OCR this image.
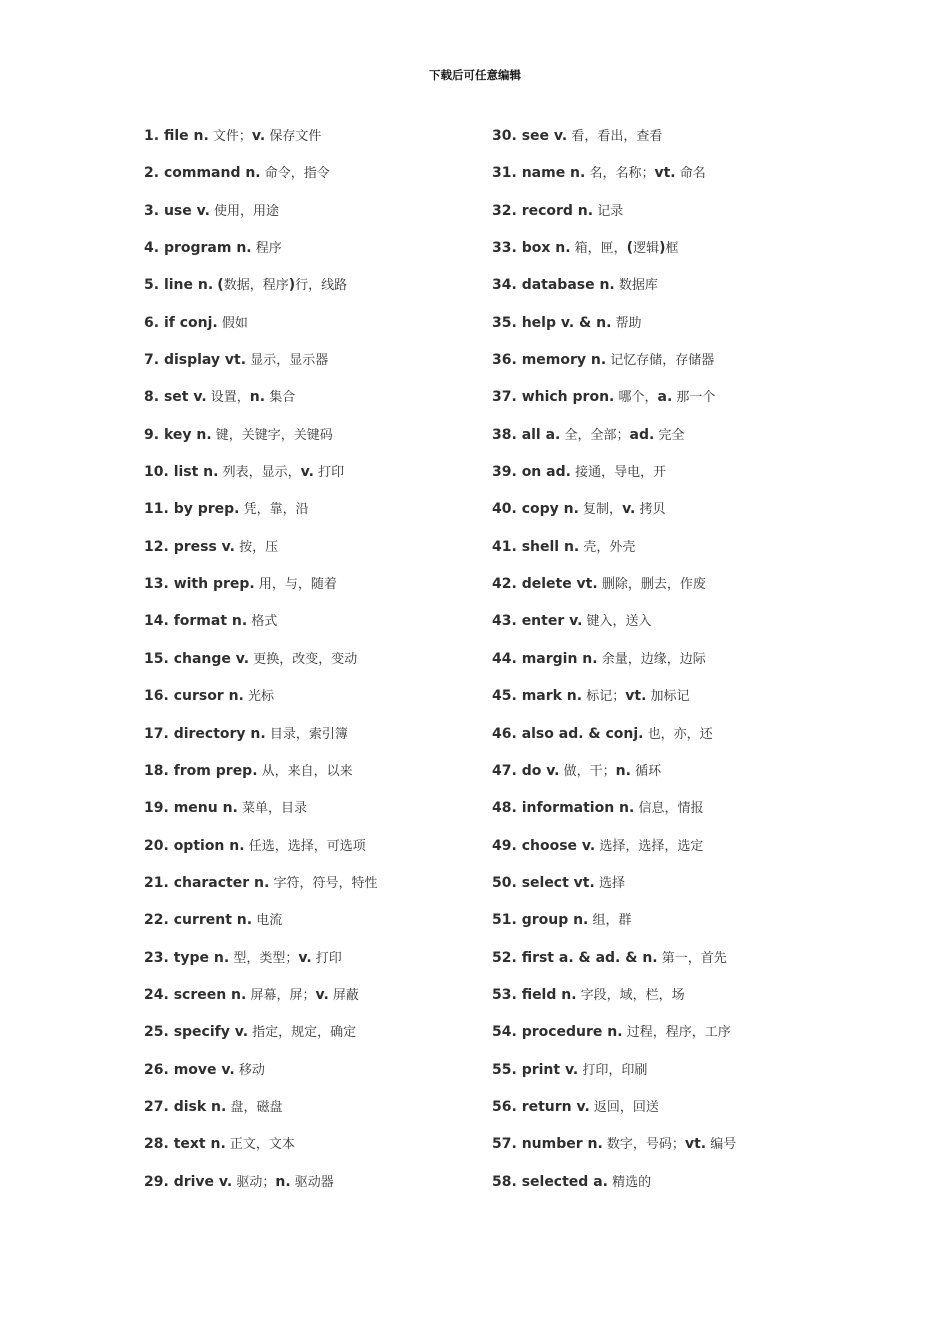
下载后可任意编辑
1. file n. 文件；v. 保存文件
2. command n. 命令，指令
3. use v. 使用，用途
4. program n. 程序
5. line n. (数据，程序)行，线路
6. if conj. 假如
7. display vt. 显示，显示器
8. set v. 设置，n. 集合
9. key n. 键，关键字，关键码
10. list n. 列表，显示，v. 打印
11. by prep. 凭，靠，沿
12. press v. 按，压
13. with prep. 用，与，随着
14. format n. 格式
15. change v. 更换，改变，变动
16. cursor n. 光标
17. directory n. 目录，索引簿
18. from prep. 从，来自，以来
19. menu n. 菜单，目录
20. option n. 任选，选择，可选项
21. character n. 字符，符号，特性
22. current n. 电流
23. type n. 型，类型；v. 打印
24. screen n. 屏幕，屏；v. 屏蔽
25. specify v. 指定，规定，确定
26. move v. 移动
27. disk n. 盘，磁盘
28. text n. 正文，文本
29. drive v. 驱动；n. 驱动器
30. see v. 看，看出，查看
31. name n. 名，名称；vt. 命名
32. record n. 记录
33. box n. 箱，匣，(逻辑)框
34. database n. 数据库
35. help v. & n. 帮助
36. memory n. 记忆存储，存储器
37. which pron. 哪个，a. 那一个
38. all a. 全，全部；ad. 完全
39. on ad. 接通，导电，开
40. copy n. 复制，v. 拷贝
41. shell n. 壳，外壳
42. delete vt. 删除，删去，作废
43. enter v. 键入，送入
44. margin n. 余量，边缘，边际
45. mark n. 标记；vt. 加标记
46. also ad. & conj. 也，亦，还
47. do v. 做，干；n. 循环
48. information n. 信息，情报
49. choose v. 选择，选择，选定
50. select vt. 选择
51. group n. 组，群
52. first a. & ad. & n. 第一，首先
53. field n. 字段，域，栏，场
54. procedure n. 过程，程序，工序
55. print v. 打印，印刷
56. return v. 返回，回送
57. number n. 数字，号码；vt. 编号
58. selected a. 精选的
